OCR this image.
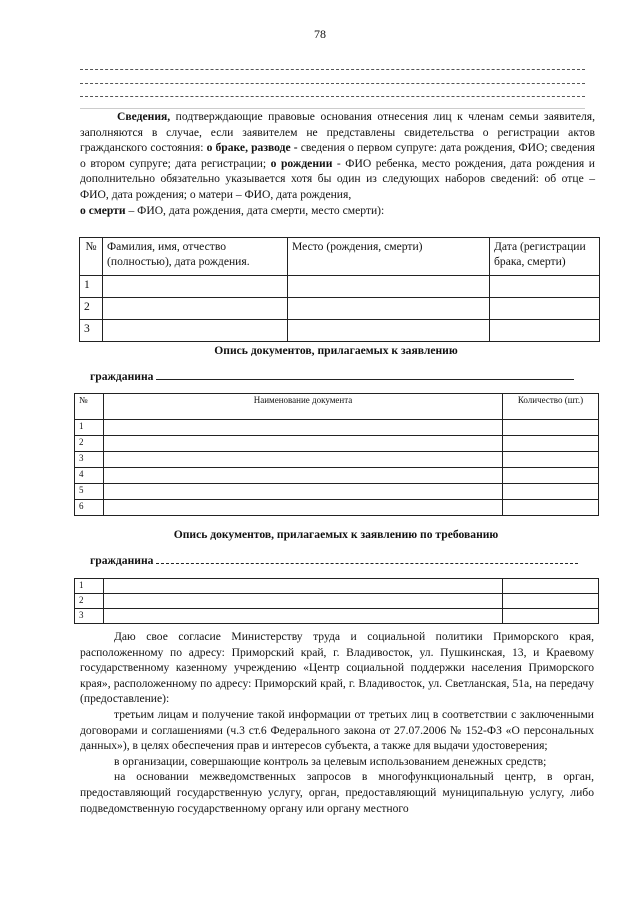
78
Сведения, подтверждающие правовые основания отнесения лиц к членам семьи заявителя, заполняются в случае, если заявителем не представлены свидетельства о регистрации актов гражданского состояния: о браке, разводе - сведения о первом супруге: дата рождения, ФИО; сведения о втором супруге; дата регистрации; о рождении - ФИО ребенка, место рождения, дата рождения и дополнительно обязательно указывается хотя бы один из следующих наборов сведений: об отце – ФИО, дата рождения; о матери – ФИО, дата рождения,
о смерти – ФИО, дата рождения, дата смерти, место смерти):
№	Фамилия, имя, отчество (полностью), дата рождения.	Место (рождения, смерти)	Дата (регистрации брака, смерти)
1			
2			
3			
Опись документов, прилагаемых к заявлению
гражданина
№	Наименование документа	Количество (шт.)
1		
2		
3		
4		
5		
6		
Опись документов, прилагаемых к заявлению по требованию
гражданина
1		
2		
3		
Даю свое согласие Министерству труда и социальной политики Приморского края, расположенному по адресу: Приморский край, г. Владивосток, ул. Пушкинская, 13, и Краевому государственному казенному учреждению «Центр социальной поддержки населения Приморского края», расположенному по адресу: Приморский край, г. Владивосток, ул. Светланская, 51а, на передачу (предоставление):
третьим лицам и получение такой информации от третьих лиц в соответствии с заключенными договорами и соглашениями (ч.3 ст.6 Федерального закона от 27.07.2006 № 152-ФЗ «О персональных данных»), в целях обеспечения прав и интересов субъекта, а также для выдачи удостоверения;
в организации, совершающие контроль за целевым использованием денежных средств;
на основании межведомственных запросов в многофункциональный центр, в орган, предоставляющий государственную услугу, орган, предоставляющий муниципальную услугу, либо подведомственную государственному органу или органу местного
